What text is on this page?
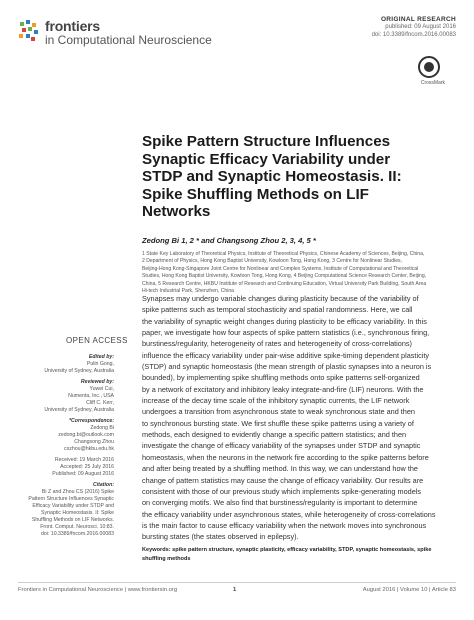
frontiers
in Computational Neuroscience
ORIGINAL RESEARCH
published: 09 August 2016
doi: 10.3389/fncom.2016.00083
CrossMark
Spike Pattern Structure Influences
Synaptic Efficacy Variability under
STDP and Synaptic Homeostasis. II:
Spike Shuffling Methods on LIF
Networks
Zedong Bi 1, 2 * and Changsong Zhou 2, 3, 4, 5 *
1 State Key Laboratory of Theoretical Physics, Institute of Theoretical Physics, Chinese Academy of Sciences, Beijing, China,
2 Department of Physics, Hong Kong Baptist University, Kowloon Tong, Hong Kong, 3 Centre for Nonlinear Studies,
Beijing-Hong Kong-Singapore Joint Centre for Nonlinear and Complex Systems, Institute of Computational and Theoretical
Studies, Hong Kong Baptist University, Kowloon Tong, Hong Kong, 4 Beijing Computational Science Research Center, Beijing,
China, 5 Research Centre, HKBU Institute of Research and Continuing Education, Virtual University Park Building, South Area
Hi-tech Industrial Park, Shenzhen, China
Synapses may undergo variable changes during plasticity because of the variability of
spike patterns such as temporal stochasticity and spatial randomness. Here, we call
the variability of synaptic weight changes during plasticity to be efficacy variability. In this
paper, we investigate how four aspects of spike pattern statistics (i.e., synchronous firing,
burstiness/regularity, heterogeneity of rates and heterogeneity of cross-correlations)
influence the efficacy variability under pair-wise additive spike-timing dependent plasticity
(STDP) and synaptic homeostasis (the mean strength of plastic synapses into a neuron is
bounded), by implementing spike shuffling methods onto spike patterns self-organized
by a network of excitatory and inhibitory leaky integrate-and-fire (LIF) neurons. With the
increase of the decay time scale of the inhibitory synaptic currents, the LIF network
undergoes a transition from asynchronous state to weak synchronous state and then
to synchronous bursting state. We first shuffle these spike patterns using a variety of
methods, each designed to evidently change a specific pattern statistics; and then
investigate the change of efficacy variability of the synapses under STDP and synaptic
homeostasis, when the neurons in the network fire according to the spike patterns before
and after being treated by a shuffling method. In this way, we can understand how the
change of pattern statistics may cause the change of efficacy variability. Our results are
consistent with those of our previous study which implements spike-generating models
on converging motifs. We also find that burstiness/regularity is important to determine
the efficacy variability under asynchronous states, while heterogeneity of cross-correlations
is the main factor to cause efficacy variability when the network moves into synchronous
bursting states (the states observed in epilepsy).
Keywords: spike pattern structure, synaptic plasticity, efficacy variability, STDP, synaptic homeostasis, spike shuffling methods
OPEN ACCESS
Edited by:
Pulin Gong,
University of Sydney, Australia
Reviewed by:
Yuwei Cui,
Numenta, Inc., USA
Cliff C. Kerr,
University of Sydney, Australia
*Correspondence:
Zedong Bi
zedong.bi@outlook.com
Changsong Zhou
cszhou@hkbu.edu.hk
Received: 19 March 2016
Accepted: 25 July 2016
Published: 09 August 2016
Citation:
Bi Z and Zhou CS (2016) Spike
Pattern Structure Influences Synaptic
Efficacy Variability under STDP and
Synaptic Homeostasis. II: Spike
Shuffling Methods on LIF Networks.
Front. Comput. Neurosci. 10:83.
doi: 10.3389/fncom.2016.00083
Frontiers in Computational Neuroscience | www.frontiersin.org	1	August 2016 | Volume 10 | Article 83
